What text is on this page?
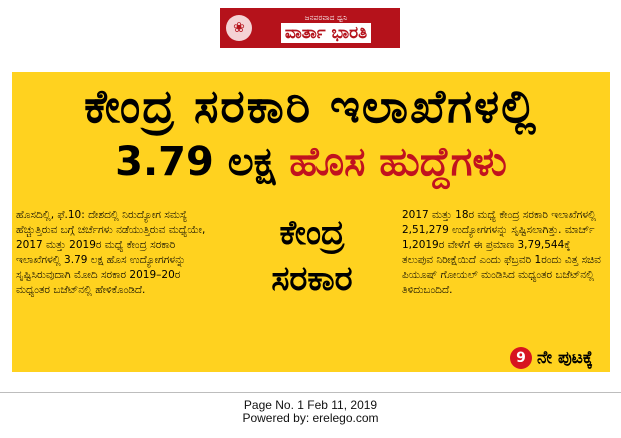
❀
ಜನಪರವಾದ ಧ್ವನಿ
ವಾರ್ತಾ ಭಾರತಿ
ಕೇಂದ್ರ ಸರಕಾರಿ ಇಲಾಖೆಗಳಲ್ಲಿ
3.79 ಲಕ್ಷ ಹೊಸ ಹುದ್ದೆಗಳು
ಹೊಸದಿಲ್ಲಿ, ಫೆ.10: ದೇಶದಲ್ಲಿ ನಿರುದ್ಯೋಗ ಸಮಸ್ಯೆ ಹೆಚ್ಚುತ್ತಿರುವ ಬಗ್ಗೆ ಚರ್ಚೆಗಳು ನಡೆಯುತ್ತಿರುವ ಮಧ್ಯೆಯೇ, 2017 ಮತ್ತು 2019ರ ಮಧ್ಯೆ ಕೇಂದ್ರ ಸರಕಾರಿ ಇಲಾಖೆಗಳಲ್ಲಿ 3.79 ಲಕ್ಷ ಹೊಸ ಉದ್ಯೋಗಗಳನ್ನು ಸೃಷ್ಟಿಸಿರುವುದಾಗಿ ಮೋದಿ ಸರಕಾರ 2019–20ರ ಮಧ್ಯಂತರ ಬಜೆಟ್‌ನಲ್ಲಿ ಹೇಳಿಕೊಂಡಿದೆ.
ಕೇಂದ್ರ
ಸರಕಾರ
2017 ಮತ್ತು 18ರ ಮಧ್ಯೆ ಕೇಂದ್ರ ಸರಕಾರಿ ಇಲಾಖೆಗಳಲ್ಲಿ 2,51,279 ಉದ್ಯೋಗಗಳನ್ನು ಸೃಷ್ಟಿಸಲಾಗಿತ್ತು. ಮಾರ್ಚ್ 1,2019ರ ವೇಳೆಗೆ ಈ ಪ್ರಮಾಣ 3,79,544ಕ್ಕೆ ತಲುಪುವ ನಿರೀಕ್ಷೆಯಿದೆ ಎಂದು ಫೆಬ್ರವರಿ 1ರಂದು ವಿತ್ತ ಸಚಿವ ಪಿಯೂಷ್ ಗೋಯಲ್ ಮಂಡಿಸಿದ ಮಧ್ಯಂತರ ಬಜೆಟ್‌ನಲ್ಲಿ ತಿಳಿದುಬಂದಿದೆ.
9 ನೇ ಪುಟಕ್ಕೆ
Page No. 1 Feb 11, 2019
Powered by: erelego.com
